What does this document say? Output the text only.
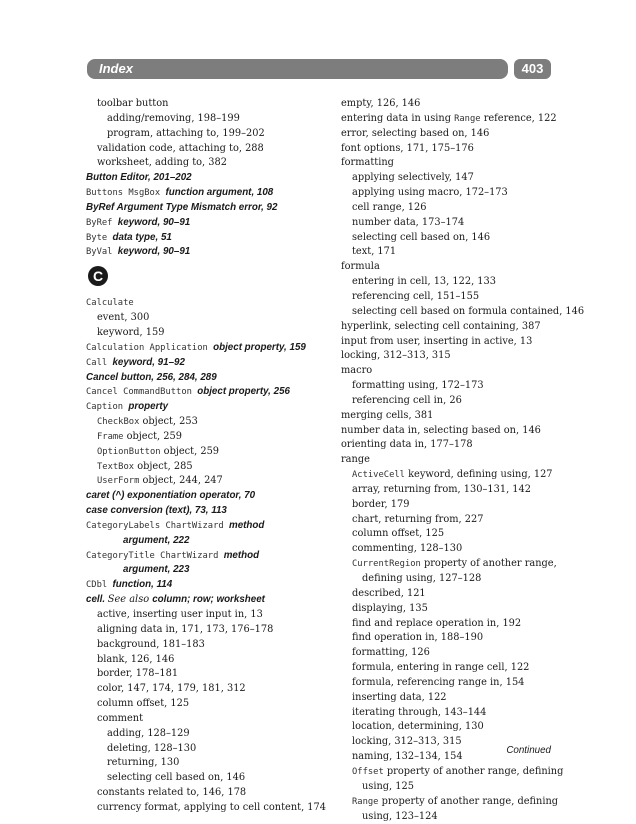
Index	403
toolbar button
adding/removing, 198–199
program, attaching to, 199–202
validation code, attaching to, 288
worksheet, adding to, 382
Button Editor, 201–202
Buttons MsgBox function argument, 108
ByRef Argument Type Mismatch error, 92
ByRef keyword, 90–91
Byte data type, 51
ByVal keyword, 90–91
C
Calculate
event, 300
keyword, 159
Calculation Application object property, 159
Call keyword, 91–92
Cancel button, 256, 284, 289
Cancel CommandButton object property, 256
Caption property
CheckBox object, 253
Frame object, 259
OptionButton object, 259
TextBox object, 285
UserForm object, 244, 247
caret (^) exponentiation operator, 70
case conversion (text), 73, 113
CategoryLabels ChartWizard method
argument, 222
CategoryTitle ChartWizard method
argument, 223
CDbl function, 114
cell. See also column; row; worksheet
active, inserting user input in, 13
aligning data in, 171, 173, 176–178
background, 181–183
blank, 126, 146
border, 178–181
color, 147, 174, 179, 181, 312
column offset, 125
comment
adding, 128–129
deleting, 128–130
returning, 130
selecting cell based on, 146
constants related to, 146, 178
currency format, applying to cell content, 174
empty, 126, 146
entering data in using Range reference, 122
error, selecting based on, 146
font options, 171, 175–176
formatting
applying selectively, 147
applying using macro, 172–173
cell range, 126
number data, 173–174
selecting cell based on, 146
text, 171
formula
entering in cell, 13, 122, 133
referencing cell, 151–155
selecting cell based on formula contained, 146
hyperlink, selecting cell containing, 387
input from user, inserting in active, 13
locking, 312–313, 315
macro
formatting using, 172–173
referencing cell in, 26
merging cells, 381
number data in, selecting based on, 146
orienting data in, 177–178
range
ActiveCell keyword, defining using, 127
array, returning from, 130–131, 142
border, 179
chart, returning from, 227
column offset, 125
commenting, 128–130
CurrentRegion property of another range,
defining using, 127–128
described, 121
displaying, 135
find and replace operation in, 192
find operation in, 188–190
formatting, 126
formula, entering in range cell, 122
formula, referencing range in, 154
inserting data, 122
iterating through, 143–144
location, determining, 130
locking, 312–313, 315
naming, 132–134, 154
Offset property of another range, defining
using, 125
Range property of another range, defining
using, 123–124
Continued
